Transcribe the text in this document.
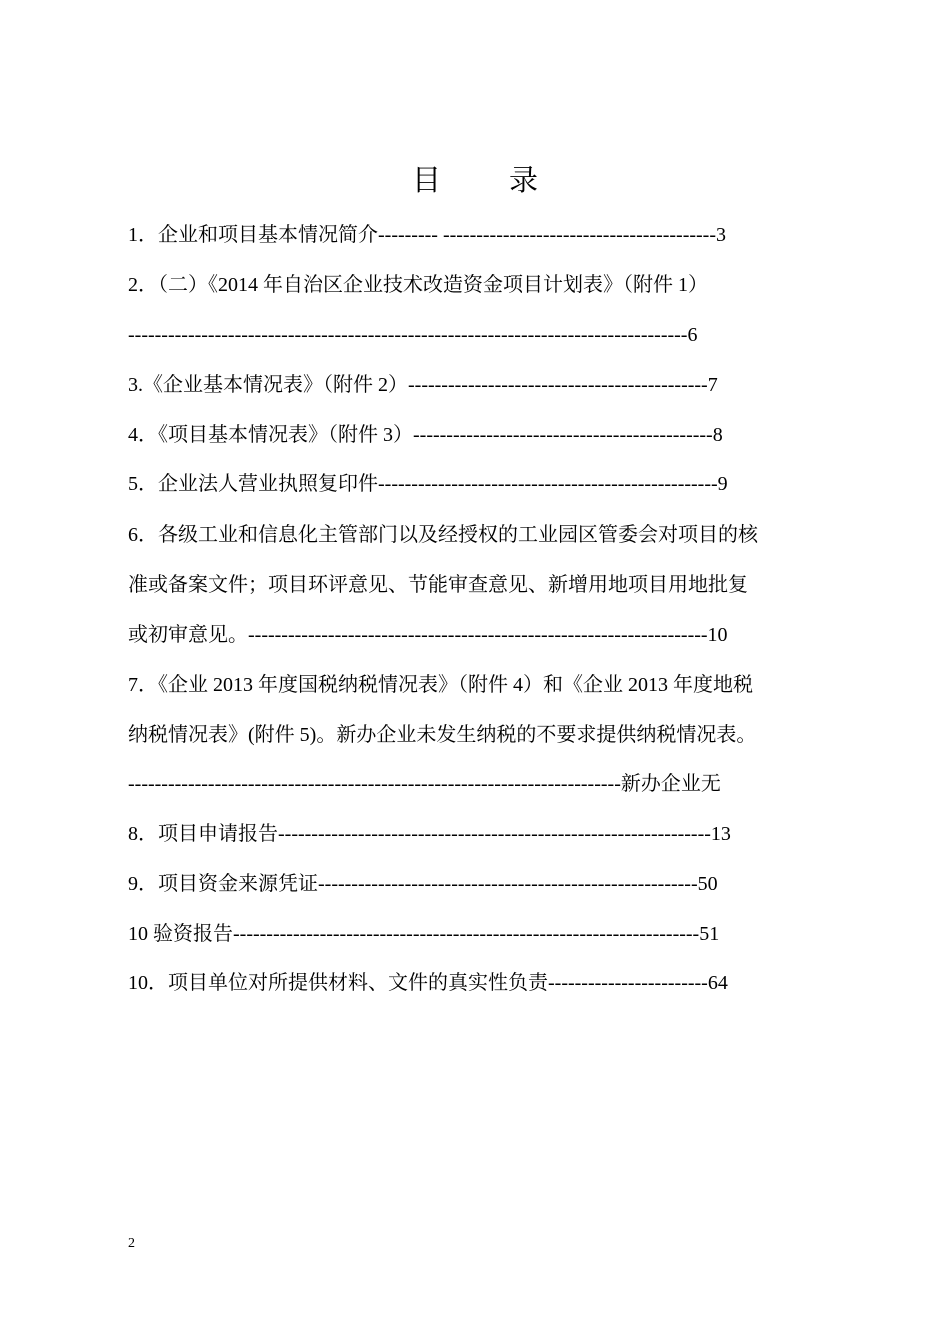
目 录
1．企业和项目基本情况简介--------- -----------------------------------------3
2．（二）《2014 年自治区企业技术改造资金项目计划表》（附件 1）
------------------------------------------------------------------------------------6
3.《企业基本情况表》（附件 2）---------------------------------------------7
4．《项目基本情况表》（附件 3）---------------------------------------------8
5．企业法人营业执照复印件---------------------------------------------------9
6．各级工业和信息化主管部门以及经授权的工业园区管委会对项目的核
准或备案文件；项目环评意见、节能审查意见、新增用地项目用地批复
或初审意见。---------------------------------------------------------------------10
7．《企业 2013 年度国税纳税情况表》（附件 4）和《企业 2013 年度地税
纳税情况表》(附件 5)。新办企业未发生纳税的不要求提供纳税情况表。
--------------------------------------------------------------------------新办企业无
8．项目申请报告-----------------------------------------------------------------13
9．项目资金来源凭证---------------------------------------------------------50
10 验资报告----------------------------------------------------------------------51
10．项目单位对所提供材料、文件的真实性负责------------------------64
2
